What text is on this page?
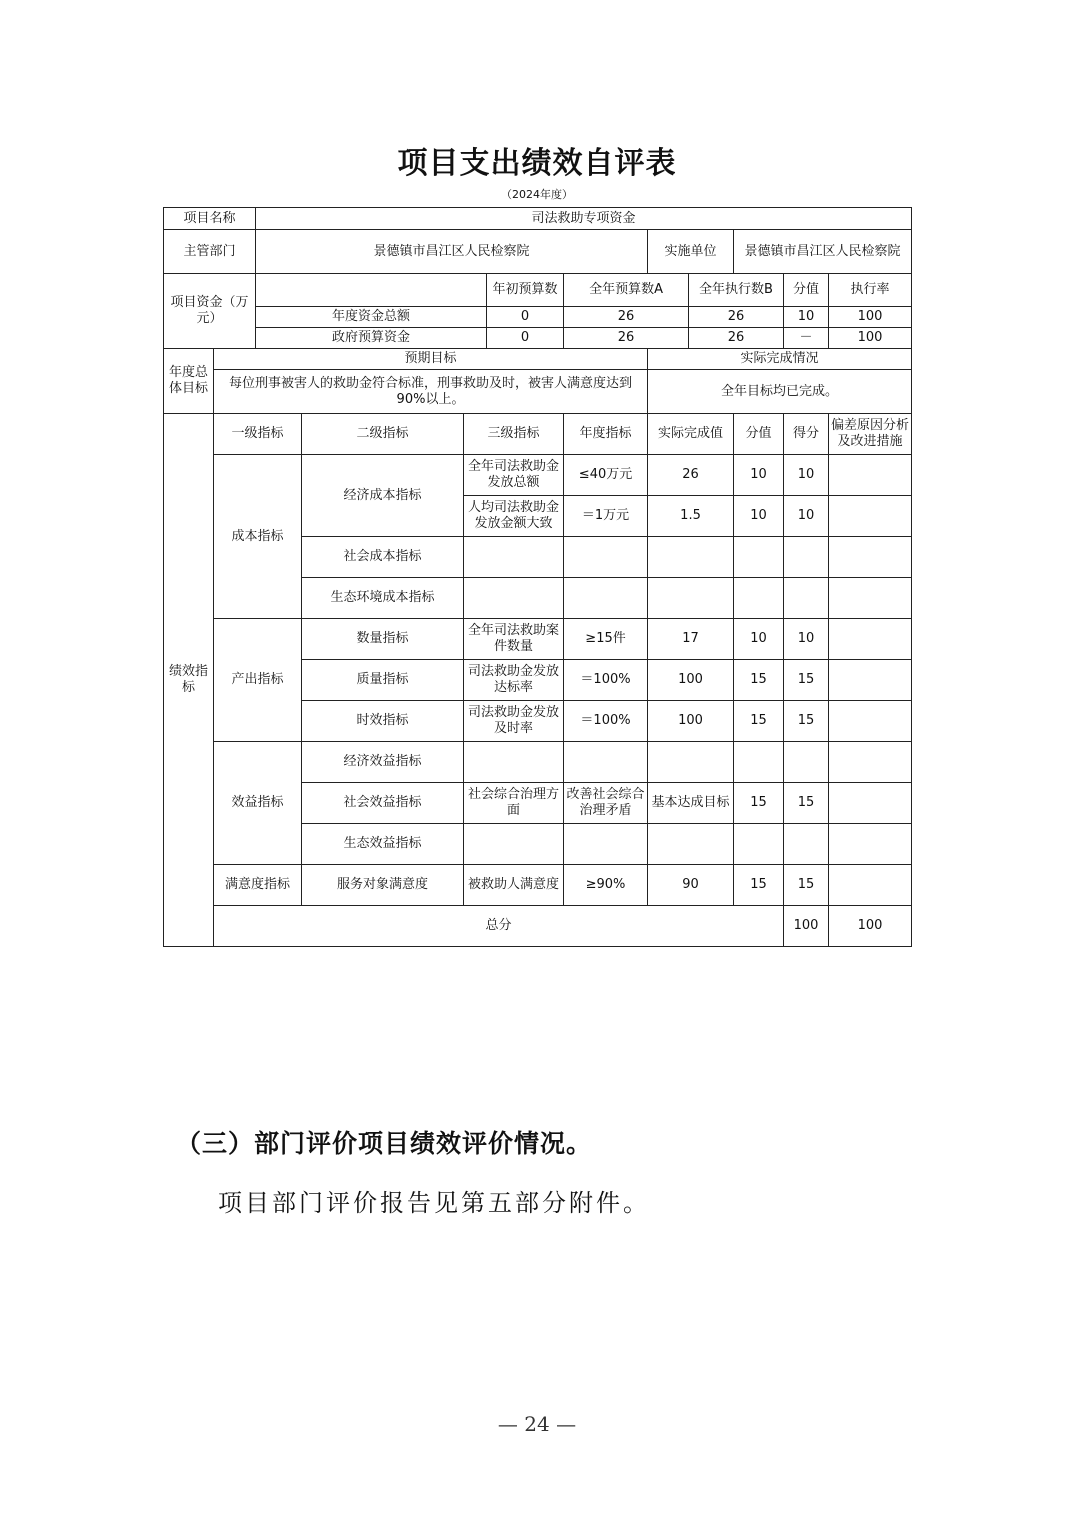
项目支出绩效自评表
（2024年度）
项目名称		司法救助专项资金										
主管部门		景德镇市昌江区人民检察院					实施单位		景德镇市昌江区人民检察院			
项目资金（万元）					年初预算数	全年预算数A		全年执行数B		分值	执行率	
		年度资金总额			0	26		26		10	100	
		政府预算资金			0	26		26		－	100	
年度总体目标	预期目标						实际完成情况					
	每位刑事被害人的救助金符合标准，刑事救助及时，被害人满意度达到90%以上。						全年目标均已完成。					
绩效指标	一级指标		二级指标	三级指标		年度指标	实际完成值		分值	得分	偏差原因分析及改进措施	
	成本指标		经济成本指标	全年司法救助金发放总额		≤40万元	26		10	10		
				人均司法救助金发放金额大致		＝1万元	1.5		10	10		
			社会成本指标									
			生态环境成本指标									
	产出指标		数量指标	全年司法救助案件数量		≥15件	17		10	10		
			质量指标	司法救助金发放达标率		＝100%	100		15	15		
			时效指标	司法救助金发放及时率		＝100%	100		15	15		
	效益指标		经济效益指标									
			社会效益指标	社会综合治理方面		改善社会综合治理矛盾	基本达成目标		15	15		
			生态效益指标									
	满意度指标		服务对象满意度	被救助人满意度		≥90%	90		15	15		
	总分									100	100	
（三）部门评价项目绩效评价情况。
项目部门评价报告见第五部分附件。
— 24 —
